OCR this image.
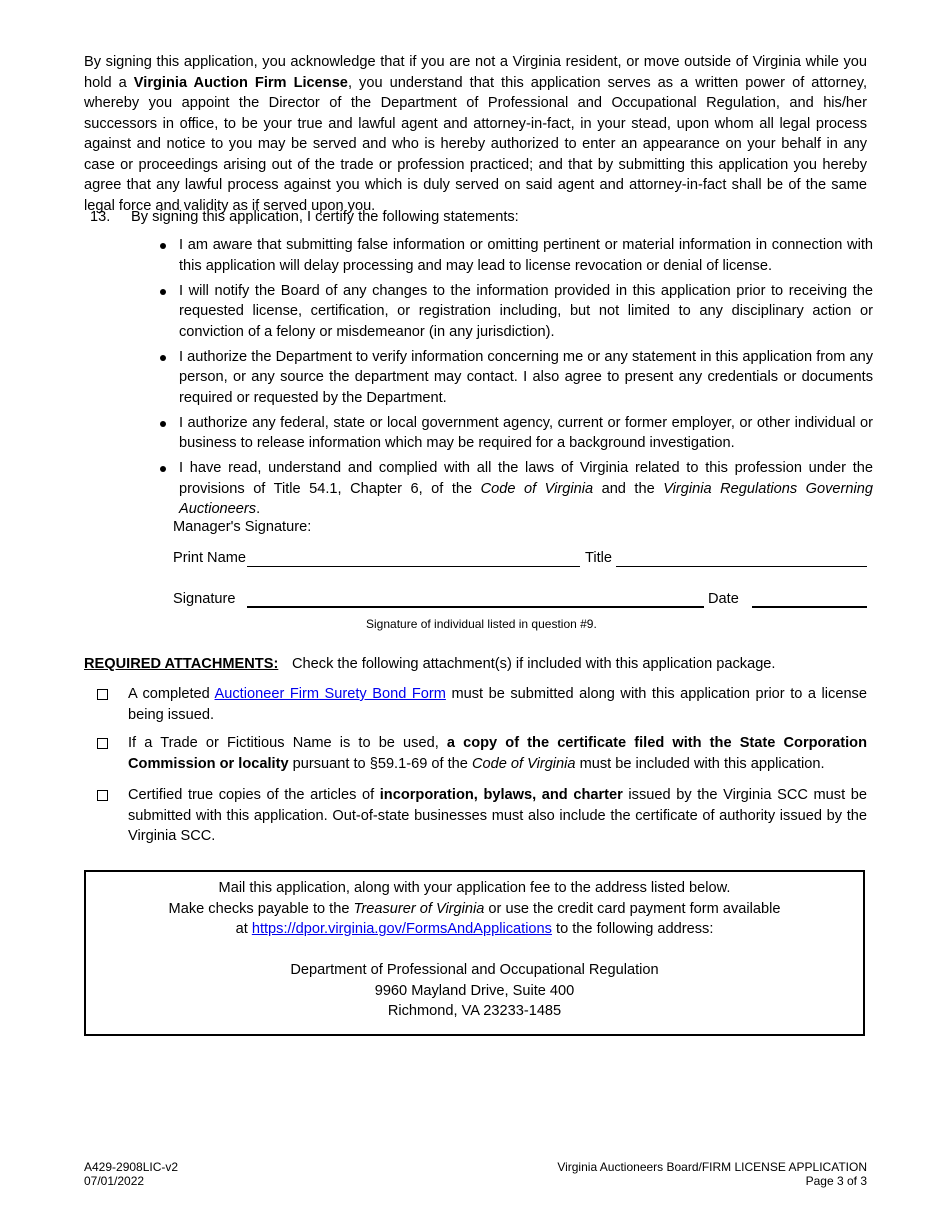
By signing this application, you acknowledge that if you are not a Virginia resident, or move outside of Virginia while you hold a Virginia Auction Firm License, you understand that this application serves as a written power of attorney, whereby you appoint the Director of the Department of Professional and Occupational Regulation, and his/her successors in office, to be your true and lawful agent and attorney-in-fact, in your stead, upon whom all legal process against and notice to you may be served and who is hereby authorized to enter an appearance on your behalf in any case or proceedings arising out of the trade or profession practiced; and that by submitting this application you hereby agree that any lawful process against you which is duly served on said agent and attorney-in-fact shall be of the same legal force and validity as if served upon you.

13. By signing this application, I certify the following statements:
I am aware that submitting false information or omitting pertinent or material information in connection with this application will delay processing and may lead to license revocation or denial of license.
I will notify the Board of any changes to the information provided in this application prior to receiving the requested license, certification, or registration including, but not limited to any disciplinary action or conviction of a felony or misdemeanor (in any jurisdiction).
I authorize the Department to verify information concerning me or any statement in this application from any person, or any source the department may contact. I also agree to present any credentials or documents required or requested by the Department.
I authorize any federal, state or local government agency, current or former employer, or other individual or business to release information which may be required for a background investigation.
I have read, understand and complied with all the laws of Virginia related to this profession under the provisions of Title 54.1, Chapter 6, of the Code of Virginia and the Virginia Regulations Governing Auctioneers.
Manager's Signature:
Print Name	Title
Signature	Date
Signature of individual listed in question #9.
REQUIRED ATTACHMENTS: Check the following attachment(s) if included with this application package.

A completed Auctioneer Firm Surety Bond Form must be submitted along with this application prior to a license being issued.

If a Trade or Fictitious Name is to be used, a copy of the certificate filed with the State Corporation Commission or locality pursuant to §59.1-69 of the Code of Virginia must be included with this application.

Certified true copies of the articles of incorporation, bylaws, and charter issued by the Virginia SCC must be submitted with this application. Out-of-state businesses must also include the certificate of authority issued by the Virginia SCC.

Mail this application, along with your application fee to the address listed below.
Make checks payable to the Treasurer of Virginia or use the credit card payment form available
at https://dpor.virginia.gov/FormsAndApplications to the following address:
Department of Professional and Occupational Regulation
9960 Mayland Drive, Suite 400
Richmond, VA 23233-1485
A429-2908LIC-v2
07/01/2022
Virginia Auctioneers Board/FIRM LICENSE APPLICATION
Page 3 of 3
